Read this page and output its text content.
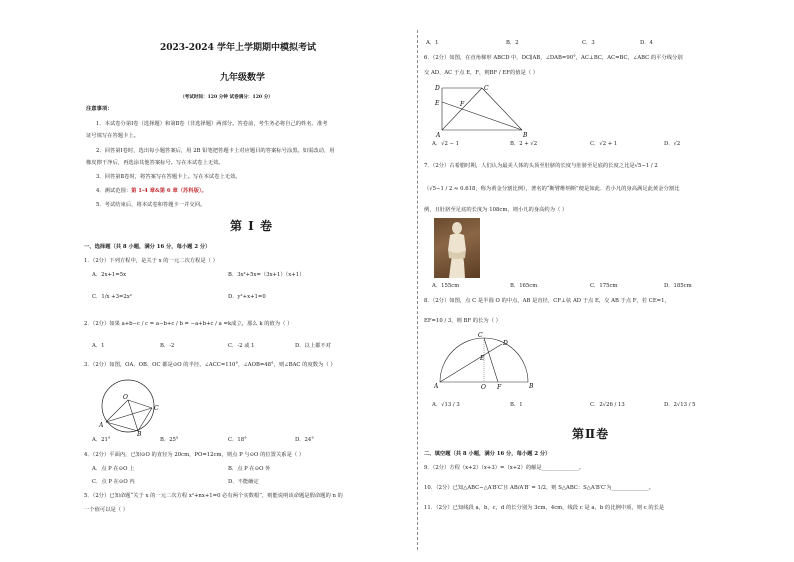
2023-2024 学年上学期期中模拟考试
九年级数学
（考试时间：120 分钟 试卷满分：120 分）
注意事项：
1．本试卷分第Ⅰ卷（选择题）和第Ⅱ卷（非选择题）两部分。答卷前，考生务必将自己的姓名、准考
证号填写在答题卡上。
2．回答第Ⅰ卷时，选出每小题答案后，用 2B 铅笔把答题卡上对应题目的答案标号涂黑。如需改动，用
橡皮擦干净后，再选涂其他答案标号。写在本试卷上无效。
3．回答第Ⅱ卷时，将答案写在答题卡上。写在本试卷上无效。
4．测试范围：第 1-4 章&第 6 章（苏科版）。
5．考试结束后，将本试卷和答题卡一并交回。
第 Ⅰ 卷
一、选择题（共 8 小题，满分 16 分，每小题 2 分）
1．（2分）下列方程中，是关于 x 的一元二次方程是（ ）
A．2x+1=5x	B．3x²+5x=（3x+1）（x+1）
C．1/x +3=2x²	D．y²+x+1=0
2．（2分）如果 a+b−c / c = a−b+c / b = −a+b+c / a =k成立，那么 k 的值为（ ）
A．1	B．-2	C．-2 或 1	D．以上都不对
3．（2分）如图，OA、OB、OC 都是⊙O 的半径，∠ACC=110°，∠AOB=48°，则∠BAC 的度数为（ ）
O
A
B
C
A．21°	B．25°	C．18°	D．24°
4．（2分）平面内，已知⊙O 的直径为 20cm，PO=12cm，则点 P 与⊙O 的位置关系是（ ）
A．点 P 在⊙O 上	B．点 P 在⊙O 外
C．点 P 在⊙O 内	D．不能确定
5．（2分）已知命题“关于 x 的一元二次方程 x²+nx+1=0 必有两个实数根”，则能说明该命题是假命题的 n 的
一个值可以是（ ）
A．1	B．2	C．3	D．4
6．（2分）如图，在直角梯形 ABCD 中，DC∥AB，∠DAB=90°，AC⊥BC，AC=BC，∠ABC 的平分线分别
交 AD、AC 于点 E，F，则BF / EF的值是（ ）
D	C
E	F
A	B
A．√2 − 1	B．2 + √2	C．√2 + 1	D．√2
7．（2分）古希腊时期，人们认为最美人体的头顶至肚脐的长度与肚脐至足底的长度之比是√5−1 / 2
（√5−1 / 2 ≈ 0.618，称为黄金分割比例），著名的“断臂维纳斯”便是如此．若小凡的身高满足此黄金分割比
例，且肚脐至足底的长度为 108cm，则小凡的身高约为（ ）
A．155cm	B．165cm	C．175cm	D．185cm
8．（2分）如图，点 C 是半圆 O 的中点，AB 是直径，CF⊥弦 AD 于点 E，交 AB 于点 F，若 CE=1，
EF=10 / 3，则 BF 的长为（ ）
C
D
E
A	O F	B
A．√13 / 3	B．1	C．2√26 / 13	D．2√13 / 5
第Ⅱ卷
二、填空题（共 8 小题，满分 16 分，每小题 2 分）
9．（2分）方程（x+2）（x+3）=（x+2）的解是______________。
10．（2分）已知△ABC∽△A′B′C′且 AB/A′B′ = 1/2，则 S△ABC：S△A′B′C′为______________。
11．（2分）已知线段 a，b，c，d 的长分别为 3cm，4cm，线段 c 是 a，b 的比例中项，则 c 的长是
